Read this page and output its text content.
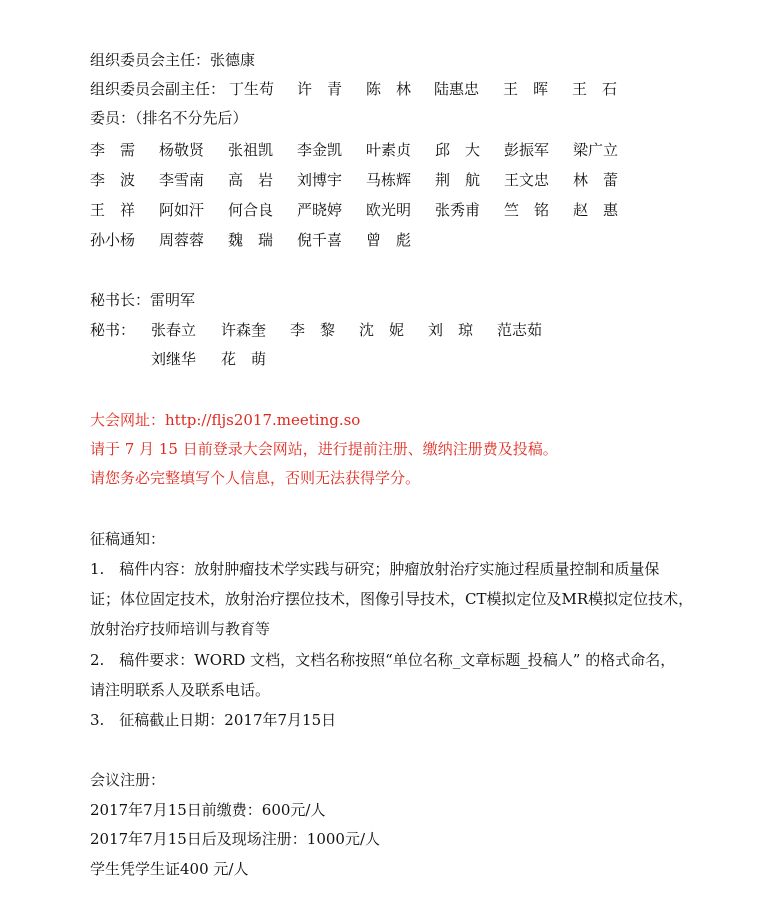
组织委员会主任：张德康
组织委员会副主任： 丁生苟 许　青 陈　林 陆惠忠 王　晖 王　石
委员：（排名不分先后）
李　需 杨敬贤 张祖凯 李金凯 叶素贞 邱　大 彭振军 梁广立
李　波 李雪南 高　岩 刘博宇 马栋辉 荆　航 王文忠 林　蕾
王　祥 阿如汗 何合良 严晓婷 欧光明 张秀甫 竺　铭 赵　惠
孙小杨 周蓉蓉 魏　瑞 倪千喜 曾　彪
秘书长：雷明军
秘书： 张春立 许森奎 李　黎 沈　妮 刘　琼 范志茹
刘继华 花　萌
大会网址：http://fljs2017.meeting.so
请于 7 月 15 日前登录大会网站，进行提前注册、缴纳注册费及投稿。
请您务必完整填写个人信息，否则无法获得学分。
征稿通知：
1.　稿件内容：放射肿瘤技术学实践与研究；肿瘤放射治疗实施过程质量控制和质量保
证；体位固定技术，放射治疗摆位技术，图像引导技术，CT模拟定位及MR模拟定位技术，
放射治疗技师培训与教育等
2.　稿件要求：WORD 文档，文档名称按照“单位名称_文章标题_投稿人” 的格式命名，
请注明联系人及联系电话。
3.　征稿截止日期：2017年7月15日
会议注册：
2017年7月15日前缴费：600元/人
2017年7月15日后及现场注册：1000元/人
学生凭学生证400 元/人
